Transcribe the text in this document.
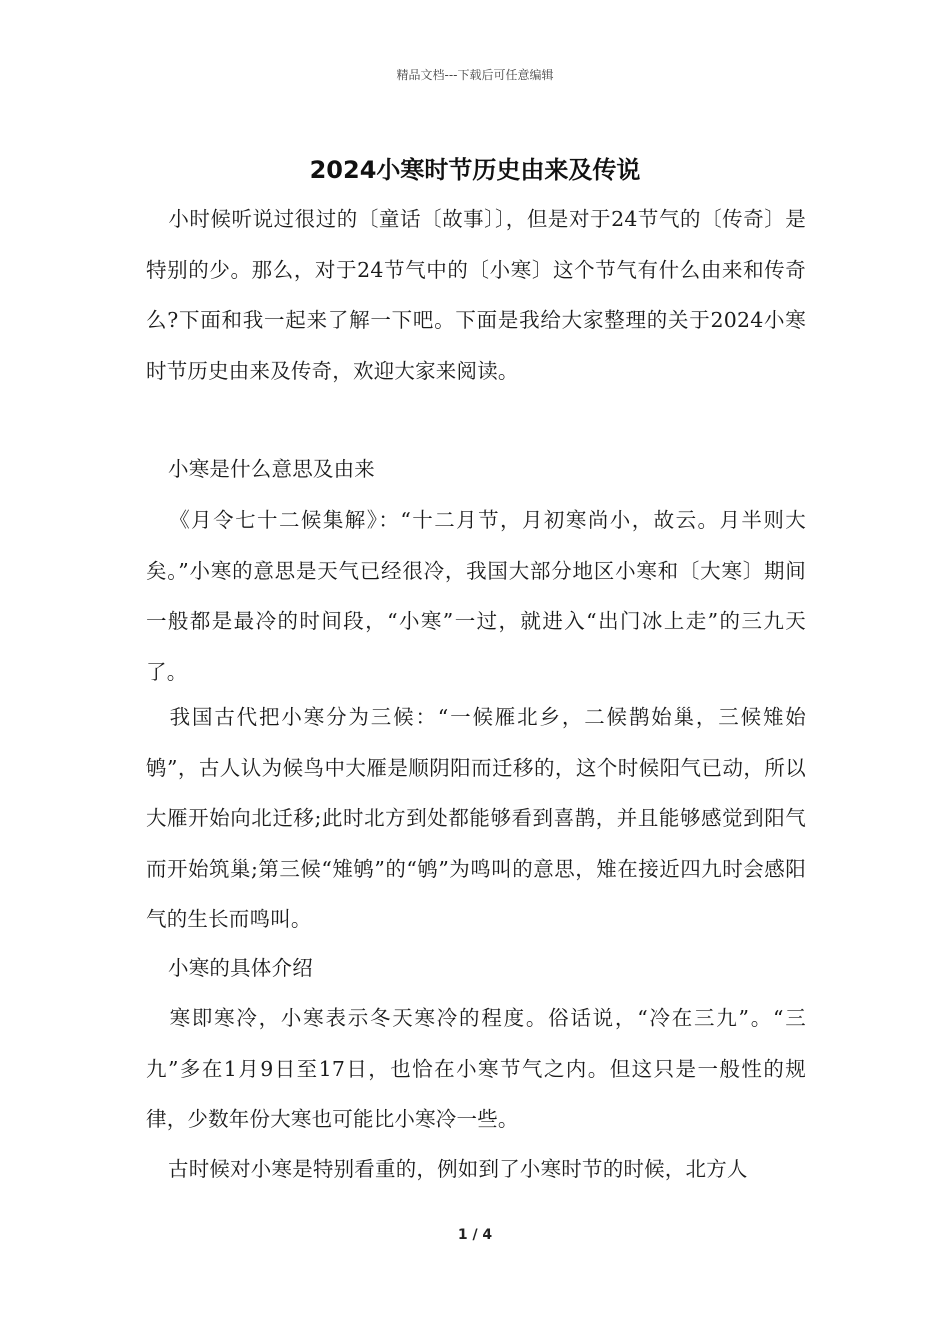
精品文档---下载后可任意编辑
2024小寒时节历史由来及传说
小时候听说过很过的〔童话〔故事〕〕，但是对于24节气的〔传奇〕是特别的少。那么，对于24节气中的〔小寒〕这个节气有什么由来和传奇么?下面和我一起来了解一下吧。下面是我给大家整理的关于2024小寒时节历史由来及传奇，欢迎大家来阅读。
小寒是什么意思及由来
《月令七十二候集解》：“十二月节，月初寒尚小，故云。月半则大矣。”小寒的意思是天气已经很冷，我国大部分地区小寒和〔大寒〕期间一般都是最冷的时间段，“小寒”一过，就进入“出门冰上走”的三九天了。
我国古代把小寒分为三候：“一候雁北乡，二候鹊始巢，三候雉始鸲”，古人认为候鸟中大雁是顺阴阳而迁移的，这个时候阳气已动，所以大雁开始向北迁移;此时北方到处都能够看到喜鹊，并且能够感觉到阳气而开始筑巢;第三候“雉鸲”的“鸲”为鸣叫的意思，雉在接近四九时会感阳气的生长而鸣叫。
小寒的具体介绍
寒即寒冷，小寒表示冬天寒冷的程度。俗话说，“冷在三九”。“三九”多在1月9日至17日，也恰在小寒节气之内。但这只是一般性的规律，少数年份大寒也可能比小寒冷一些。
古时候对小寒是特别看重的，例如到了小寒时节的时候，北方人
1 / 4
